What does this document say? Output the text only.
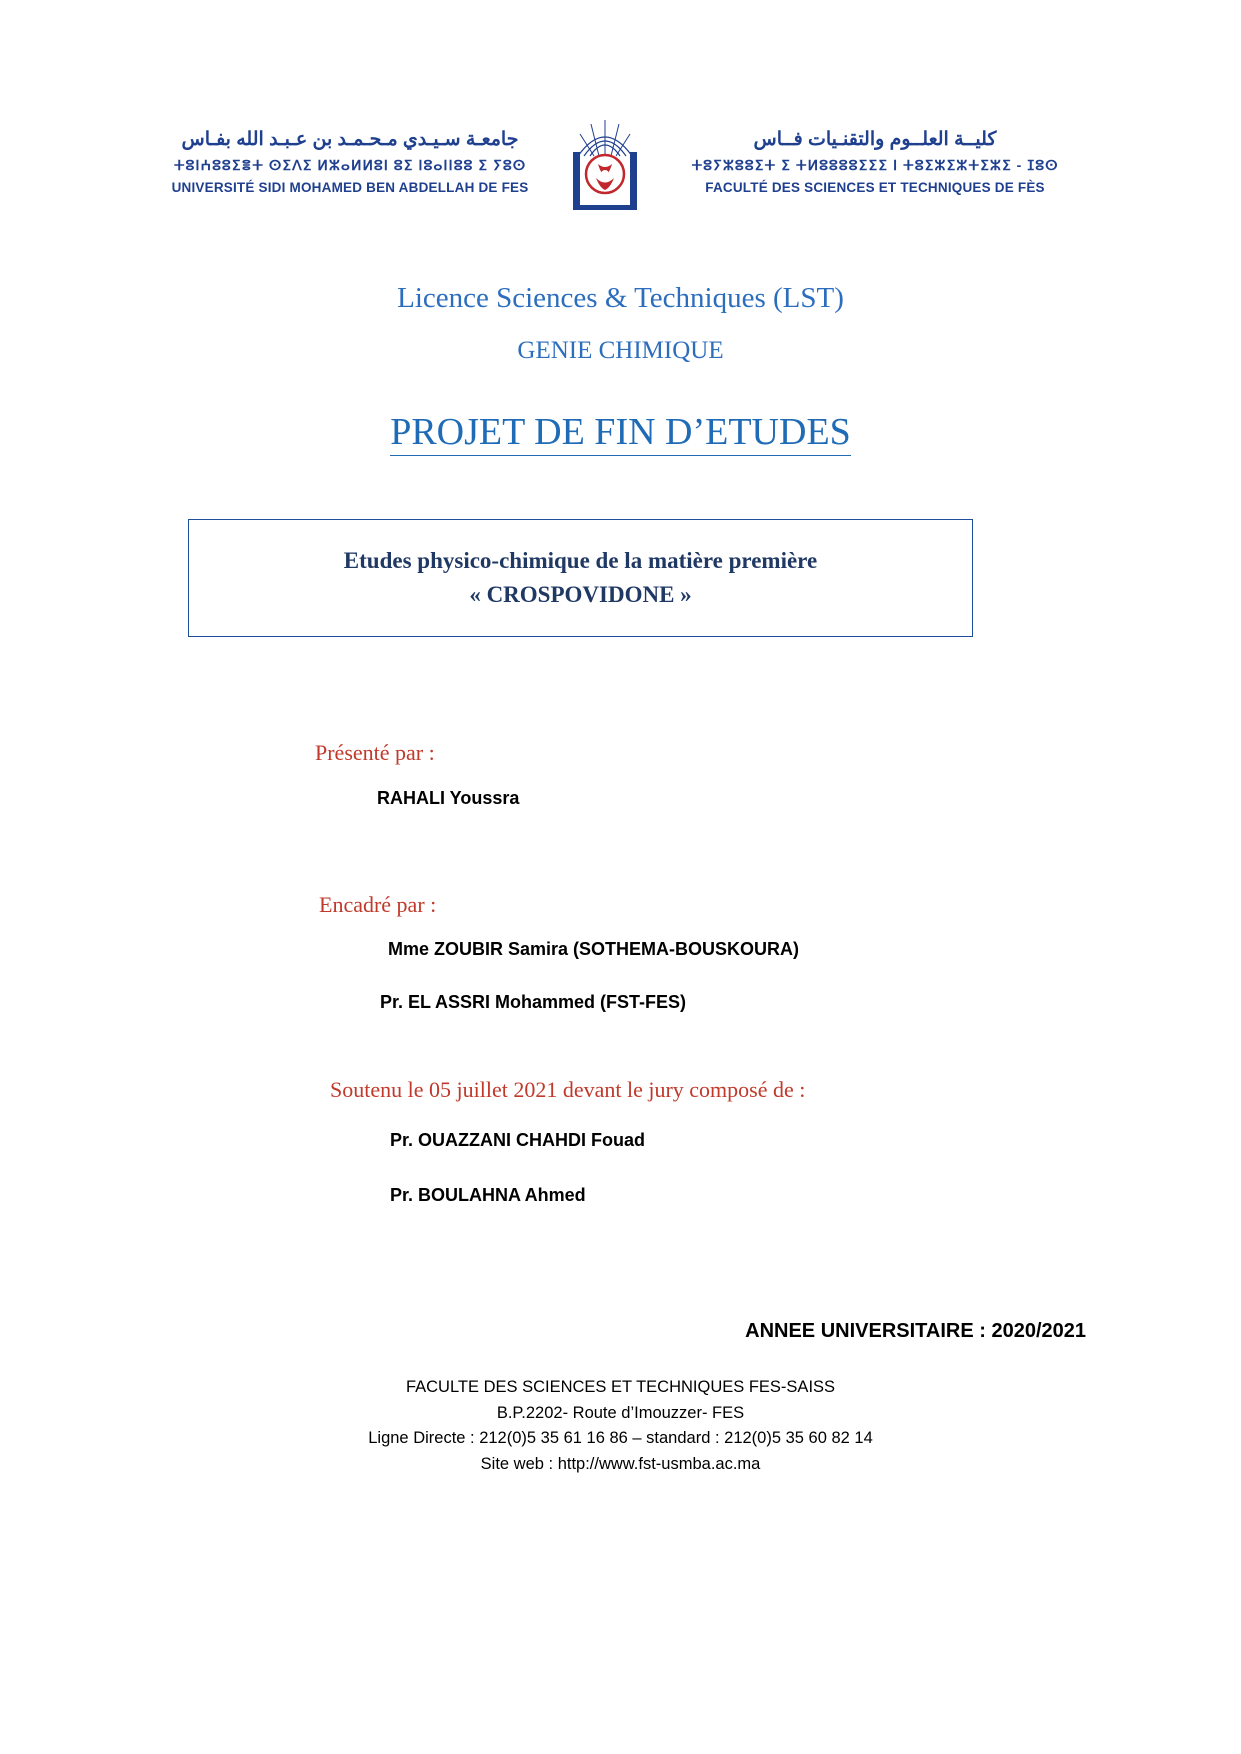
جامعـة سـيـدي مـحـمـد بن عـبـد الله بفـاس
ⵜⵓⵏⵄⵓⵓⵉⴻⵜ ⵙⵉⴷⵉ ⵍⵣⴰⵍⵍⵓⵏ ⵓⵉ ⵏⵓⴰⵏⵏⵓⵓ ⵉ ⵢⵓⵙ
UNIVERSITÉ SIDI MOHAMED BEN ABDELLAH DE FES
كليــة العلــوم والتقنـيات فــاس
ⵜⵓⵢⵣⵓⵓⵉⵜ ⵉ ⵜⵍⵓⵓⵓⵓⵉⵉⵉ ⵏ ⵜⵓⵉⵣⵉⵣⵜⵉⵣⵉ - ⵊⵓⵙ
FACULTÉ DES SCIENCES ET TECHNIQUES DE FÈS
Licence Sciences & Techniques (LST)
GENIE CHIMIQUE
PROJET DE FIN D’ETUDES
Etudes physico-chimique de la matière première
« CROSPOVIDONE »
Présenté par :
RAHALI Youssra
Encadré par :
Mme ZOUBIR Samira (SOTHEMA-BOUSKOURA)
Pr. EL ASSRI Mohammed (FST-FES)
Soutenu le 05 juillet 2021 devant le jury composé de :
Pr. OUAZZANI CHAHDI Fouad
Pr. BOULAHNA Ahmed
ANNEE UNIVERSITAIRE : 2020/2021
FACULTE DES SCIENCES ET TECHNIQUES FES-SAISS
B.P.2202- Route d’Imouzzer- FES
Ligne Directe : 212(0)5 35 61 16 86 – standard : 212(0)5 35 60 82 14
Site web : http://www.fst-usmba.ac.ma
